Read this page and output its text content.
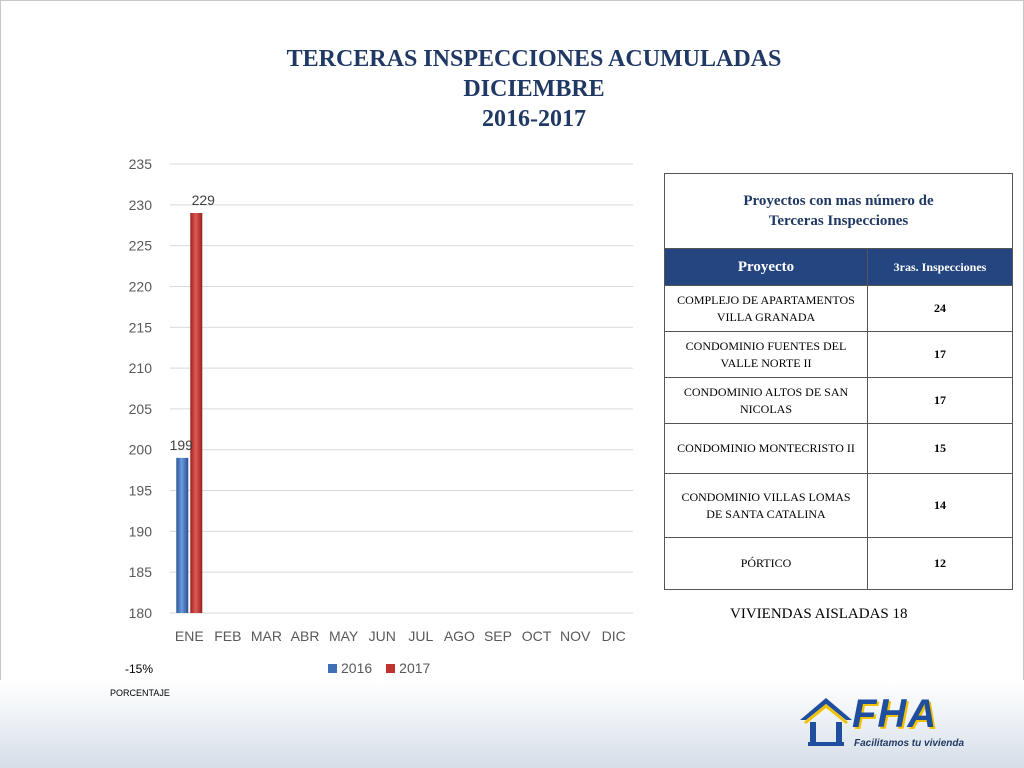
TERCERAS INSPECCIONES ACUMULADAS
DICIEMBRE
2016-2017
180
185
190
195
200
205
210
215
220
225
230
235
ENE FEB MAR ABR MAY JUN JUL AGO SEP OCT NOV DIC
199
229
2016 2017
-15%
PORCENTAJE
Proyectos con mas número de
Terceras Inspecciones	

Proyecto	3ras. Inspecciones

COMPLEJO DE APARTAMENTOS
VILLA GRANADA	24

CONDOMINIO FUENTES DEL
VALLE NORTE II	17

CONDOMINIO ALTOS DE SAN
NICOLAS	17

CONDOMINIO MONTECRISTO II	15

CONDOMINIO VILLAS LOMAS
DE SANTA CATALINA	14

PÓRTICO	12
VIVIENDAS AISLADAS 18
FHA
Facilitamos tu vivienda
